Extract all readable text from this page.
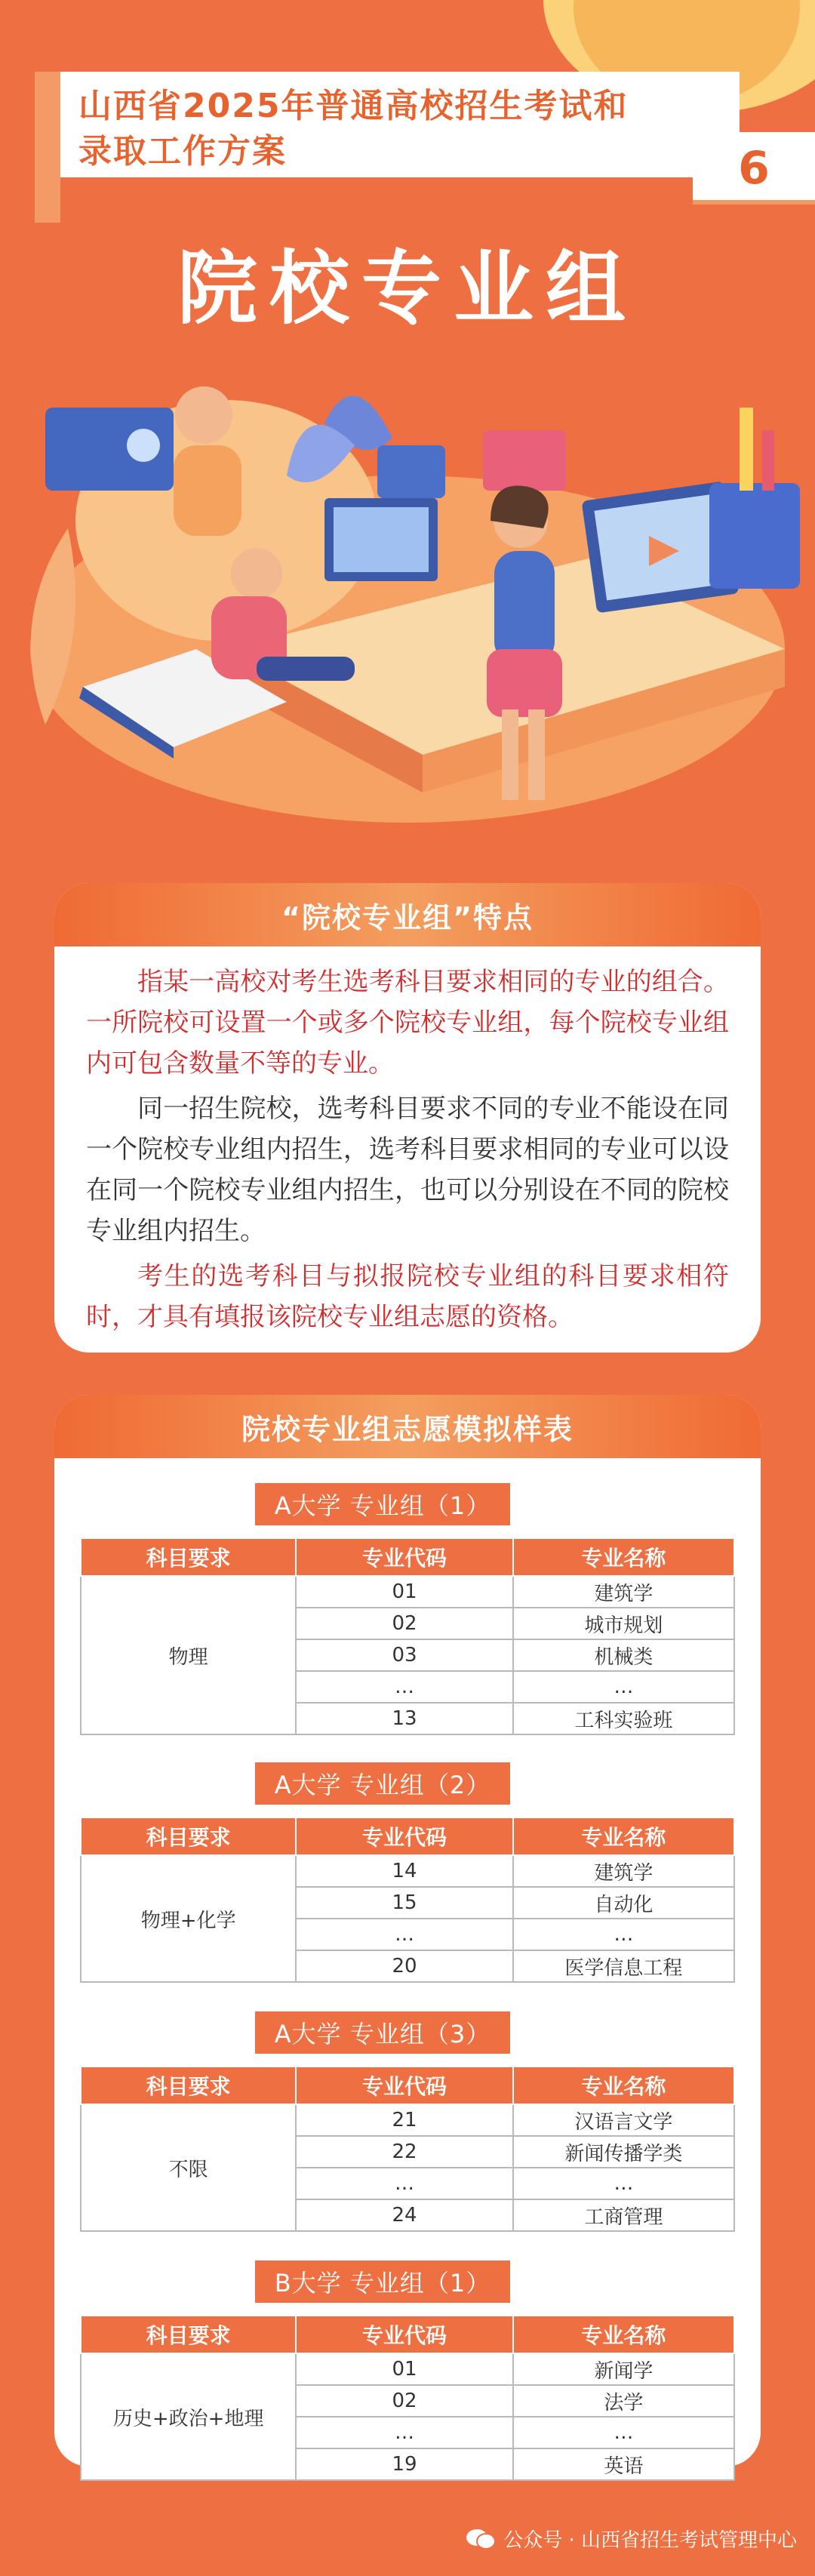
山西省2025年普通高校招生考试和
录取工作方案	6
院校专业组
“院校专业组”特点

指某一高校对考生选考科目要求相同的专业的组合。一所院校可设置一个或多个院校专业组，每个院校专业组内可包含数量不等的专业。

同一招生院校，选考科目要求不同的专业不能设在同一个院校专业组内招生，选考科目要求相同的专业可以设在同一个院校专业组内招生，也可以分别设在不同的院校专业组内招生。

考生的选考科目与拟报院校专业组的科目要求相符时，才具有填报该院校专业组志愿的资格。

院校专业组志愿模拟样表
A大学 专业组（1）
科目要求	专业代码	专业名称
物理	01	建筑学
	02	城市规划
	03	机械类
	…	…
	13	工科实验班
A大学 专业组（2）
科目要求	专业代码	专业名称
物理+化学	14	建筑学
	15	自动化
	…	…
	20	医学信息工程
A大学 专业组（3）
科目要求	专业代码	专业名称
不限	21	汉语言文学
	22	新闻传播学类
	…	…
	24	工商管理
B大学 专业组（1）
科目要求	专业代码	专业名称
历史+政治+地理	01	新闻学
	02	法学
	…	…
	19	英语
公众号 · 山西省招生考试管理中心
